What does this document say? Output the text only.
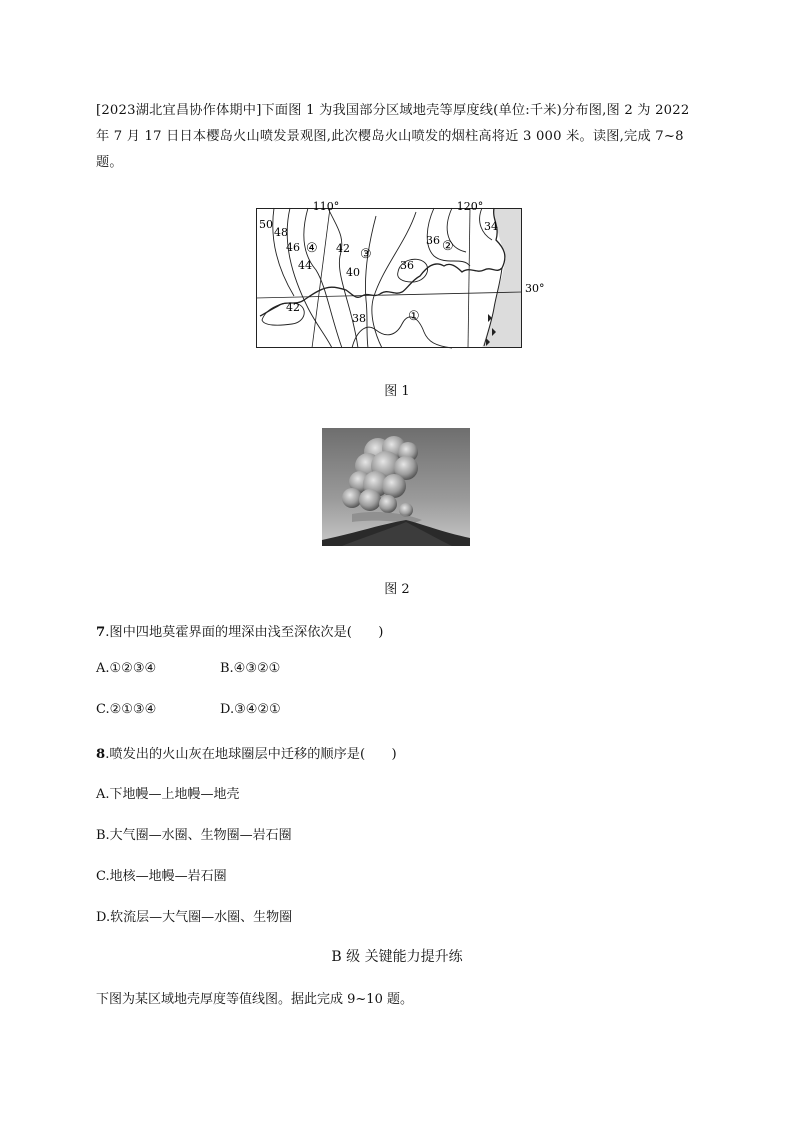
[2023湖北宜昌协作体期中]下面图 1 为我国部分区域地壳等厚度线(单位:千米)分布图,图 2 为 2022

年 7 月 17 日日本樱岛火山喷发景观图,此次樱岛火山喷发的烟柱高将近 3 000 米。读图,完成 7~8

题。

110°	120°
30°
50
48
46
44
42
42
40
38
36
36
34
①
②
③
④
图 1
图 2
7.图中四地莫霍界面的埋深由浅至深依次是(　　)
A.①②③④	B.④③②①
C.②①③④	D.③④②①
8.喷发出的火山灰在地球圈层中迁移的顺序是(　　)
A.下地幔—上地幔—地壳
B.大气圈—水圈、生物圈—岩石圈
C.地核—地幔—岩石圈
D.软流层—大气圈—水圈、生物圈
B 级 关键能力提升练
下图为某区域地壳厚度等值线图。据此完成 9~10 题。
